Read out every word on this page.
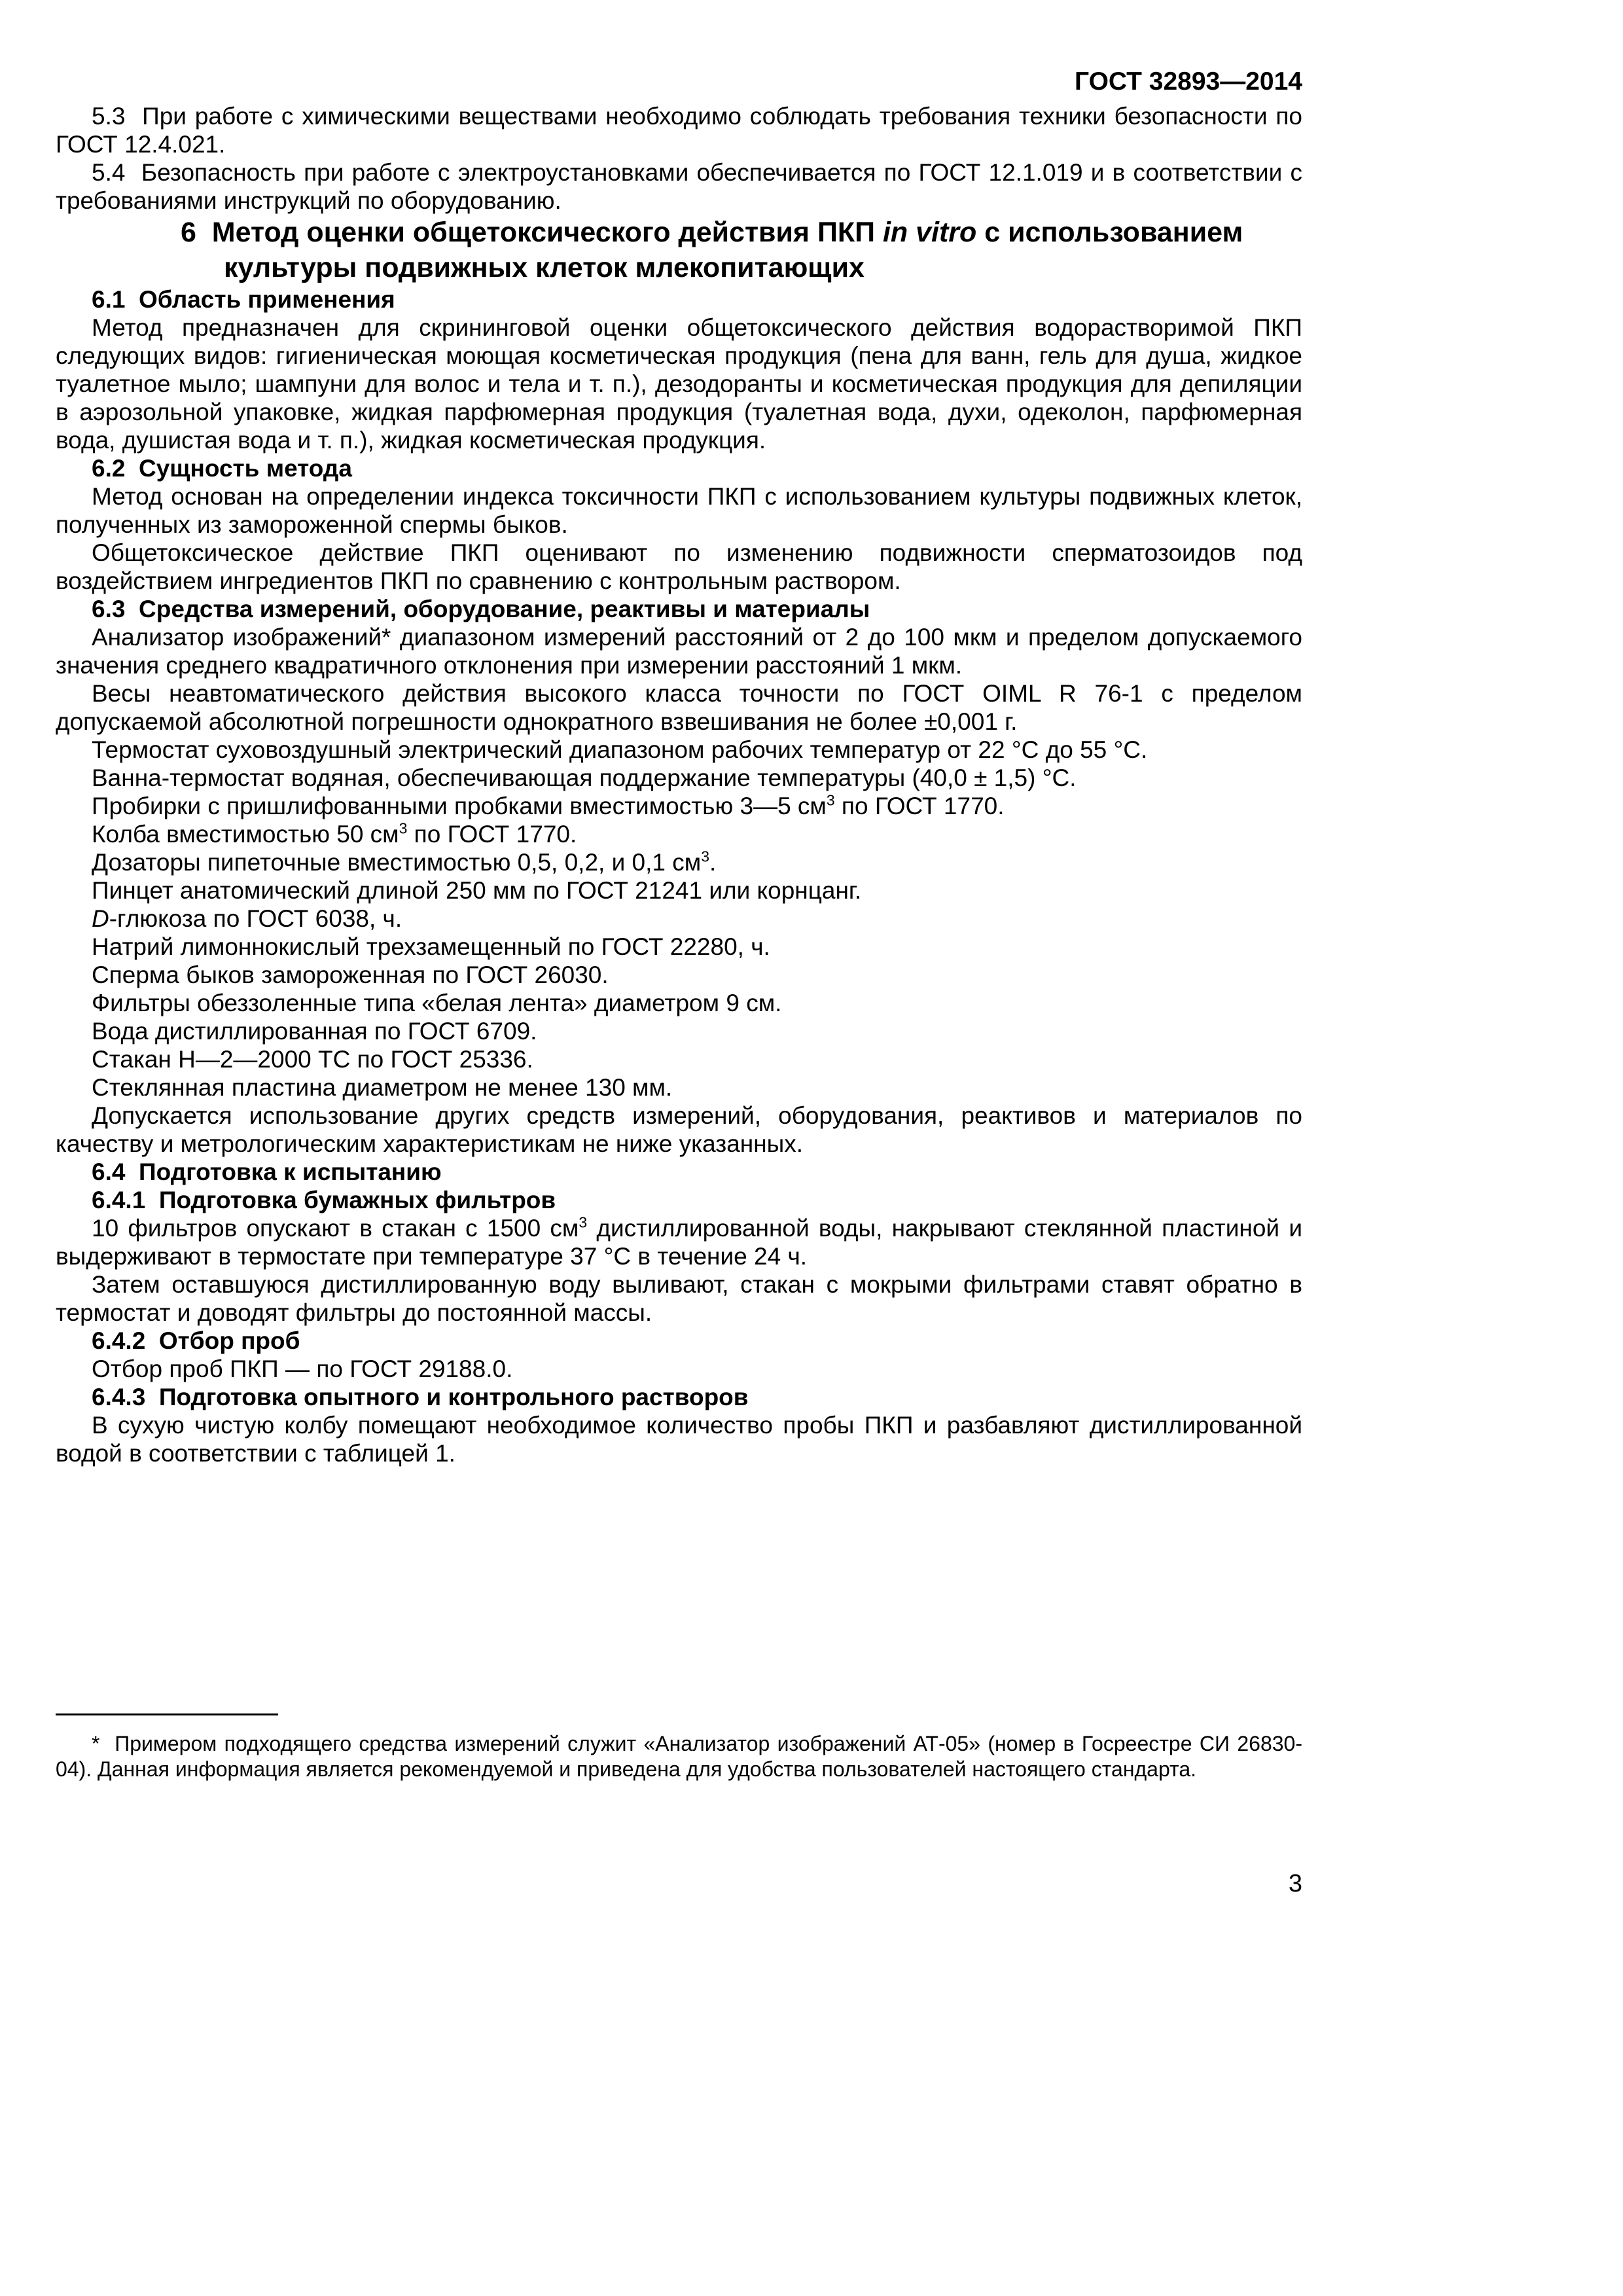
ГОСТ 32893—2014

5.3  При работе с химическими веществами необходимо соблюдать требования техники безопасности по ГОСТ 12.4.021.

5.4  Безопасность при работе с электроустановками обеспечивается по ГОСТ 12.1.019 и в соответствии с требованиями инструкций по оборудованию.

6  Метод оценки общетоксического действия ПКП in vitro с использованием культуры подвижных клеток млекопитающих

6.1  Область применения

Метод предназначен для скрининговой оценки общетоксического действия водорастворимой ПКП следующих видов: гигиеническая моющая косметическая продукция (пена для ванн, гель для душа, жидкое туалетное мыло; шампуни для волос и тела и т. п.), дезодоранты и косметическая продукция для депиляции в аэрозольной упаковке, жидкая парфюмерная продукция (туалетная вода, духи, одеколон, парфюмерная вода, душистая вода и т. п.), жидкая косметическая продукция.

6.2  Сущность метода

Метод основан на определении индекса токсичности ПКП с использованием культуры подвижных клеток, полученных из замороженной спермы быков.

Общетоксическое действие ПКП оценивают по изменению подвижности сперматозоидов под воздействием ингредиентов ПКП по сравнению с контрольным раствором.

6.3  Средства измерений, оборудование, реактивы и материалы

Анализатор изображений* диапазоном измерений расстояний от 2 до 100 мкм и пределом допускаемого значения среднего квадратичного отклонения при измерении расстояний 1 мкм.

Весы неавтоматического действия высокого класса точности по ГОСТ OIML R 76-1 с пределом допускаемой абсолютной погрешности однократного взвешивания не более ±0,001 г.

Термостат суховоздушный электрический диапазоном рабочих температур от 22 °С до 55 °С.

Ванна-термостат водяная, обеспечивающая поддержание температуры (40,0 ± 1,5) °С.

Пробирки с пришлифованными пробками вместимостью 3—5 $см^3$ по ГОСТ 1770.

Колба вместимостью 50 $см^3$ по ГОСТ 1770.

Дозаторы пипеточные вместимостью 0,5, 0,2, и 0,1 $см^3$.

Пинцет анатомический длиной 250 мм по ГОСТ 21241 или корнцанг.

D-глюкоза по ГОСТ 6038, ч.

Натрий лимоннокислый трехзамещенный по ГОСТ 22280, ч.

Сперма быков замороженная по ГОСТ 26030.

Фильтры обеззоленные типа «белая лента» диаметром 9 см.

Вода дистиллированная по ГОСТ 6709.

Стакан Н—2—2000 ТС по ГОСТ 25336.

Стеклянная пластина диаметром не менее 130 мм.

Допускается использование других средств измерений, оборудования, реактивов и материалов по качеству и метрологическим характеристикам не ниже указанных.

6.4  Подготовка к испытанию

6.4.1  Подготовка бумажных фильтров

10 фильтров опускают в стакан с 1500 $см^3$ дистиллированной воды, накрывают стеклянной пластиной и выдерживают в термостате при температуре 37 °С в течение 24 ч.

Затем оставшуюся дистиллированную воду выливают, стакан с мокрыми фильтрами ставят обратно в термостат и доводят фильтры до постоянной массы.

6.4.2  Отбор проб

Отбор проб ПКП — по ГОСТ 29188.0.

6.4.3  Подготовка опытного и контрольного растворов

В сухую чистую колбу помещают необходимое количество пробы ПКП и разбавляют дистиллированной водой в соответствии с таблицей 1.

*  Примером подходящего средства измерений служит «Анализатор изображений АТ-05» (номер в Госреестре СИ 26830-04). Данная информация является рекомендуемой и приведена для удобства пользователей настоящего стандарта.

3
